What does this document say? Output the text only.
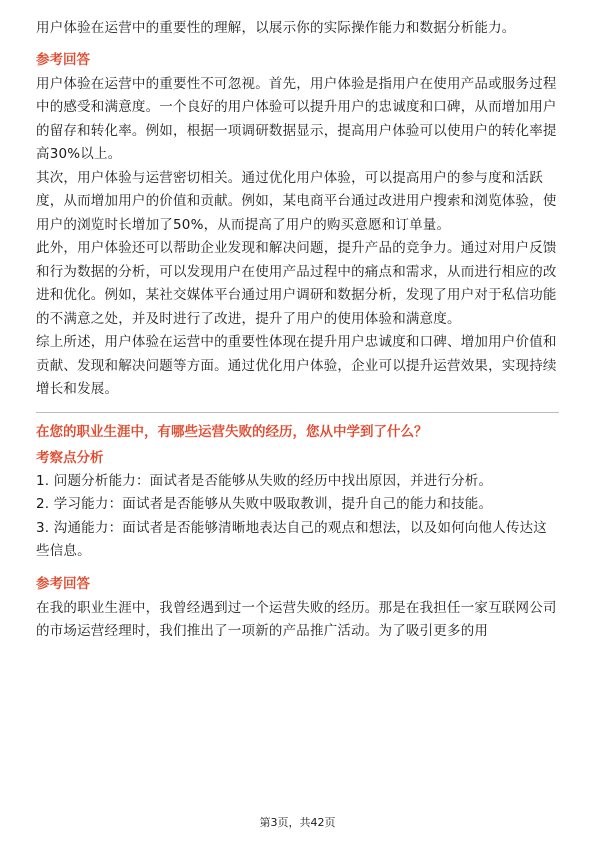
用户体验在运营中的重要性的理解，以展示你的实际操作能力和数据分析能力。

参考回答

用户体验在运营中的重要性不可忽视。首先，用户体验是指用户在使用产品或服务过程中的感受和满意度。一个良好的用户体验可以提升用户的忠诚度和口碑，从而增加用户的留存和转化率。例如，根据一项调研数据显示，提高用户体验可以使用户的转化率提高30%以上。

其次，用户体验与运营密切相关。通过优化用户体验，可以提高用户的参与度和活跃度，从而增加用户的价值和贡献。例如，某电商平台通过改进用户搜索和浏览体验，使用户的浏览时长增加了50%，从而提高了用户的购买意愿和订单量。

此外，用户体验还可以帮助企业发现和解决问题，提升产品的竞争力。通过对用户反馈和行为数据的分析，可以发现用户在使用产品过程中的痛点和需求，从而进行相应的改进和优化。例如，某社交媒体平台通过用户调研和数据分析，发现了用户对于私信功能的不满意之处，并及时进行了改进，提升了用户的使用体验和满意度。

综上所述，用户体验在运营中的重要性体现在提升用户忠诚度和口碑、增加用户价值和贡献、发现和解决问题等方面。通过优化用户体验，企业可以提升运营效果，实现持续增长和发展。

在您的职业生涯中，有哪些运营失败的经历，您从中学到了什么？

考察点分析

1. 问题分析能力：面试者是否能够从失败的经历中找出原因，并进行分析。

2. 学习能力：面试者是否能够从失败中吸取教训，提升自己的能力和技能。

3. 沟通能力：面试者是否能够清晰地表达自己的观点和想法，以及如何向他人传达这些信息。

参考回答

在我的职业生涯中，我曾经遇到过一个运营失败的经历。那是在我担任一家互联网公司的市场运营经理时，我们推出了一项新的产品推广活动。为了吸引更多的用

第3页，共42页
